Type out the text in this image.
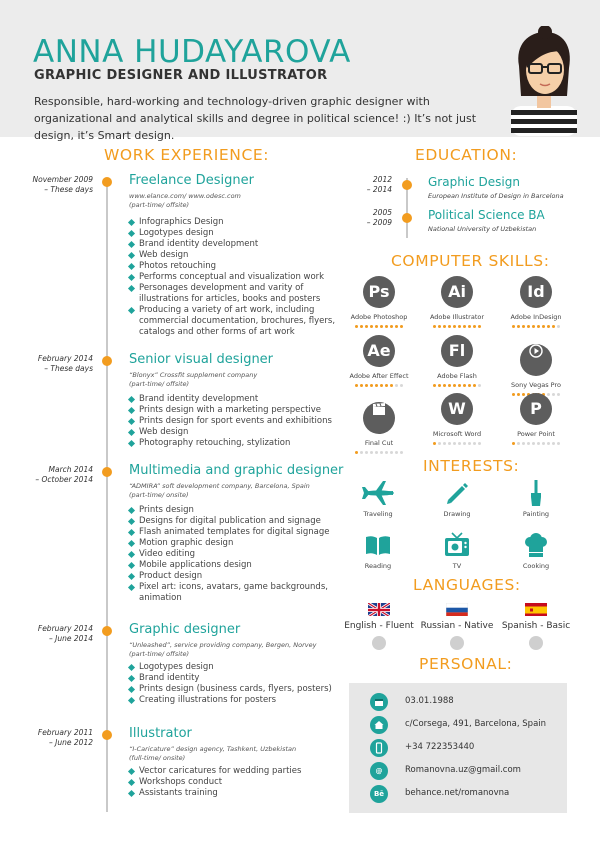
ANNA HUDAYAROVA
GRAPHIC DESIGNER AND ILLUSTRATOR
Responsible, hard-working and technology-driven graphic designer with organizational and analytical skills and degree in political science! :) It’s not just design, it’s Smart design.
WORK EXPERIENCE:	EDUCATION:
COMPUTER SKILLS:
INTERESTS:
LANGUAGES:
PERSONAL:
November 2009
– These days
Freelance Designer
www.elance.com/ www.odesc.com
(part-time/ offsite)
Infographics Design
Logotypes design
Brand identity development
Web design
Photos retouching
Performs conceptual and visualization work
Personages development and varity of illustrations for articles, books and posters
Producing a variety of art work, including commercial documentation, brochures, flyers, catalogs and other forms of art work
February 2014
– These days
Senior visual designer
“Blonyx” Crossfit supplement company
(part-time/ offsite)
Brand identity development
Prints design with a marketing perspective
Prints design for sport events and exhibitions
Web design
Photography retouching, stylization
March 2014
– October 2014
Multimedia and graphic designer
“ADMIRA” soft development company, Barcelona, Spain
(part-time/ onsite)
Prints design
Designs for digital publication and signage
Flash animated templates for digital signage
Motion graphic design
Video editing
Mobile applications design
Product design
Pixel art: icons, avatars, game backgrounds, animation
February 2014
– June 2014
Graphic designer
“Unleashed”, service providing company, Bergen, Norvey
(part-time/ offsite)
Logotypes design
Brand identity
Prints design (business cards, flyers, posters)
Creating illustrations for posters
February 2011
– June 2012
Illustrator
“I-Caricature” design agency, Tashkent, Uzbekistan
(full-time/ onsite)
Vector caricatures for wedding parties
Workshops conduct
Assistants training
2012
– 2014
Graphic Design
European Institute of Design in Barcelona
2005
– 2009
Political Science BA
National University of Uzbekistan
Ps
Adobe Photoshop
Ai
Adobe Illustrator
Id
Adobe InDesign
Ae
Adobe After Effect
Fl
Adobe Flash
Sony Vegas Pro
Final Cut
W
Microsoft Word
P
Power Point
Traveling	Drawing	Painting
Reading	TV	Cooking
English - Fluent Russian - Native Spanish - Basic
03.01.1988
c/Corsega, 491, Barcelona, Spain
+34 722353440
@	Romanovna.uz@gmail.com
Bē	behance.net/romanovna
